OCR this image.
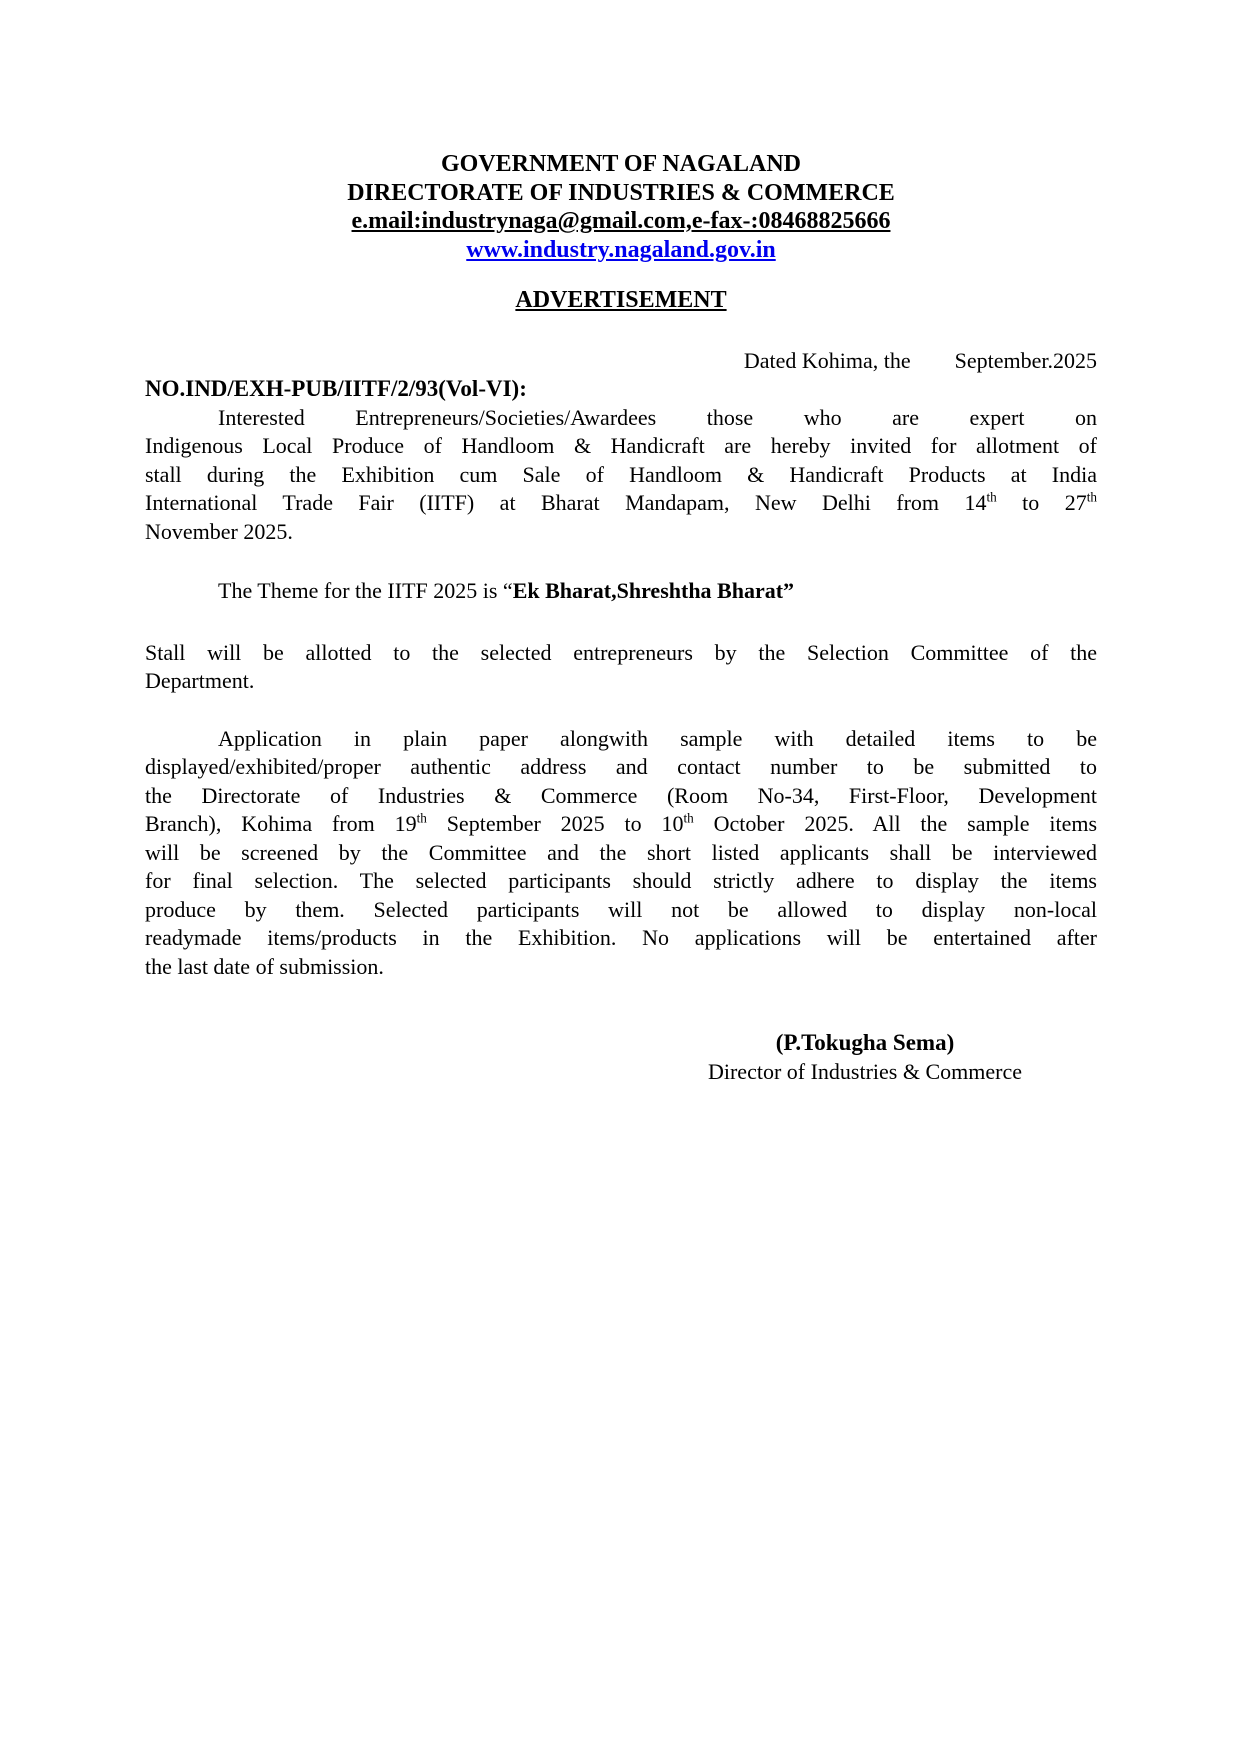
GOVERNMENT OF NAGALAND
DIRECTORATE OF INDUSTRIES & COMMERCE
e.mail:industrynaga@gmail.com,e-fax-:08468825666
www.industry.nagaland.gov.in
ADVERTISEMENT
Dated Kohima, the September.2025
NO.IND/EXH-PUB/IITF/2/93(Vol-VI):
Interested Entrepreneurs/Societies/Awardees those who are expert on
Indigenous Local Produce of Handloom & Handicraft are hereby invited for allotment of
stall during the Exhibition cum Sale of Handloom & Handicraft Products at India
International Trade Fair (IITF) at Bharat Mandapam, New Delhi from 14th to 27th
November 2025.
The Theme for the IITF 2025 is “Ek Bharat,Shreshtha Bharat”
Stall will be allotted to the selected entrepreneurs by the Selection Committee of the
Department.
Application in plain paper alongwith sample with detailed items to be
displayed/exhibited/proper authentic address and contact number to be submitted to
the Directorate of Industries & Commerce (Room No-34, First-Floor, Development
Branch), Kohima from 19th September 2025 to 10th October 2025. All the sample items
will be screened by the Committee and the short listed applicants shall be interviewed
for final selection. The selected participants should strictly adhere to display the items
produce by them. Selected participants will not be allowed to display non-local
readymade items/products in the Exhibition. No applications will be entertained after
the last date of submission.
(P.Tokugha Sema)
Director of Industries & Commerce
